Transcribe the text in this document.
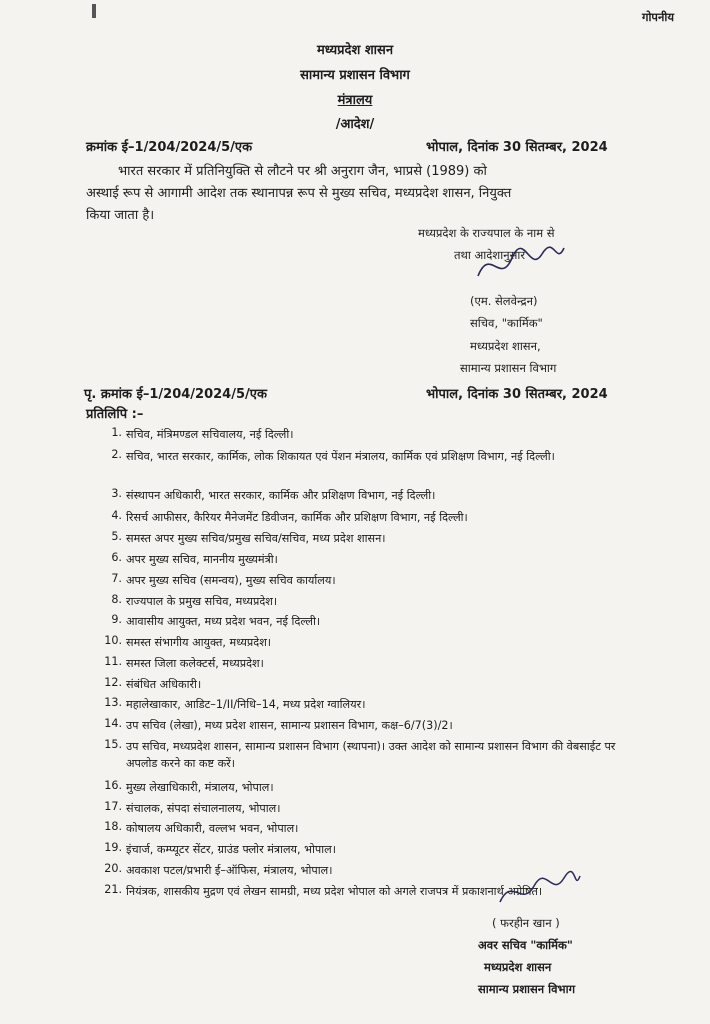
गोपनीय
मध्यप्रदेश शासन
सामान्य प्रशासन विभाग
मंत्रालय
/आदेश/
क्रमांक ई–1/204/2024/5/एक	भोपाल, दिनांक 30 सितम्बर, 2024
भारत सरकार में प्रतिनियुक्ति से लौटने पर श्री अनुराग जैन, भाप्रसे (1989) को
अस्थाई रूप से आगामी आदेश तक स्थानापन्न रूप से मुख्य सचिव, मध्यप्रदेश शासन, नियुक्त
किया जाता है।
मध्यप्रदेश के राज्यपाल के नाम से
तथा आदेशानुसार
(एम. सेलवेन्द्रन)
सचिव, "कार्मिक"
मध्यप्रदेश शासन,
सामान्य प्रशासन विभाग
पृ. क्रमांक ई–1/204/2024/5/एक	भोपाल, दिनांक 30 सितम्बर, 2024
प्रतिलिपि :–
1. सचिव, मंत्रिमण्डल सचिवालय, नई दिल्ली।
2. सचिव, भारत सरकार, कार्मिक, लोक शिकायत एवं पेंशन मंत्रालय, कार्मिक एवं प्रशिक्षण विभाग, नई दिल्ली।
3. संस्थापन अधिकारी, भारत सरकार, कार्मिक और प्रशिक्षण विभाग, नई दिल्ली।
4. रिसर्च आफीसर, कैरियर मैनेजमेंट डिवीजन, कार्मिक और प्रशिक्षण विभाग, नई दिल्ली।
5. समस्त अपर मुख्य सचिव/प्रमुख सचिव/सचिव, मध्य प्रदेश शासन।
6. अपर मुख्य सचिव, माननीय मुख्यमंत्री।
7. अपर मुख्य सचिव (समन्वय), मुख्य सचिव कार्यालय।
8. राज्यपाल के प्रमुख सचिव, मध्यप्रदेश।
9. आवासीय आयुक्त, मध्य प्रदेश भवन, नई दिल्ली।
10. समस्त संभागीय आयुक्त, मध्यप्रदेश।
11. समस्त जिला कलेक्टर्स, मध्यप्रदेश।
12. संबंधित अधिकारी।
13. महालेखाकार, आडिट–1/II/निधि–14, मध्य प्रदेश ग्वालियर।
14. उप सचिव (लेखा), मध्य प्रदेश शासन, सामान्य प्रशासन विभाग, कक्ष–6/7(3)/2।
15. उप सचिव, मध्यप्रदेश शासन, सामान्य प्रशासन विभाग (स्थापना)। उक्त आदेश को सामान्य प्रशासन विभाग की वेबसाईट पर अपलोड करने का कष्ट करें।
16. मुख्य लेखाधिकारी, मंत्रालय, भोपाल।
17. संचालक, संपदा संचालनालय, भोपाल।
18. कोषालय अधिकारी, वल्लभ भवन, भोपाल।
19. इंचार्ज, कम्प्यूटर सेंटर, ग्राउंड फ्लोर मंत्रालय, भोपाल।
20. अवकाश पटल/प्रभारी ई–ऑफिस, मंत्रालय, भोपाल।
21. नियंत्रक, शासकीय मुद्रण एवं लेखन सामग्री, मध्य प्रदेश भोपाल को अगले राजपत्र में प्रकाशनार्थ अग्रेषित।
( फरहीन खान )
अवर सचिव "कार्मिक"
मध्यप्रदेश शासन
सामान्य प्रशासन विभाग
